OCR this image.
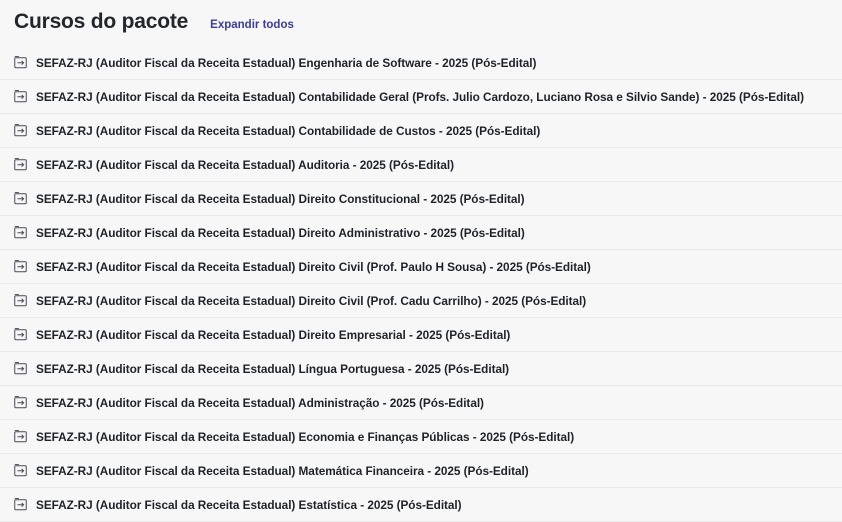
Cursos do pacote Expandir todos
SEFAZ-RJ (Auditor Fiscal da Receita Estadual) Engenharia de Software - 2025 (Pós-Edital)
SEFAZ-RJ (Auditor Fiscal da Receita Estadual) Contabilidade Geral (Profs. Julio Cardozo, Luciano Rosa e Silvio Sande) - 2025 (Pós-Edital)
SEFAZ-RJ (Auditor Fiscal da Receita Estadual) Contabilidade de Custos - 2025 (Pós-Edital)
SEFAZ-RJ (Auditor Fiscal da Receita Estadual) Auditoria - 2025 (Pós-Edital)
SEFAZ-RJ (Auditor Fiscal da Receita Estadual) Direito Constitucional - 2025 (Pós-Edital)
SEFAZ-RJ (Auditor Fiscal da Receita Estadual) Direito Administrativo - 2025 (Pós-Edital)
SEFAZ-RJ (Auditor Fiscal da Receita Estadual) Direito Civil (Prof. Paulo H Sousa) - 2025 (Pós-Edital)
SEFAZ-RJ (Auditor Fiscal da Receita Estadual) Direito Civil (Prof. Cadu Carrilho) - 2025 (Pós-Edital)
SEFAZ-RJ (Auditor Fiscal da Receita Estadual) Direito Empresarial - 2025 (Pós-Edital)
SEFAZ-RJ (Auditor Fiscal da Receita Estadual) Língua Portuguesa - 2025 (Pós-Edital)
SEFAZ-RJ (Auditor Fiscal da Receita Estadual) Administração - 2025 (Pós-Edital)
SEFAZ-RJ (Auditor Fiscal da Receita Estadual) Economia e Finanças Públicas - 2025 (Pós-Edital)
SEFAZ-RJ (Auditor Fiscal da Receita Estadual) Matemática Financeira - 2025 (Pós-Edital)
SEFAZ-RJ (Auditor Fiscal da Receita Estadual) Estatística - 2025 (Pós-Edital)
